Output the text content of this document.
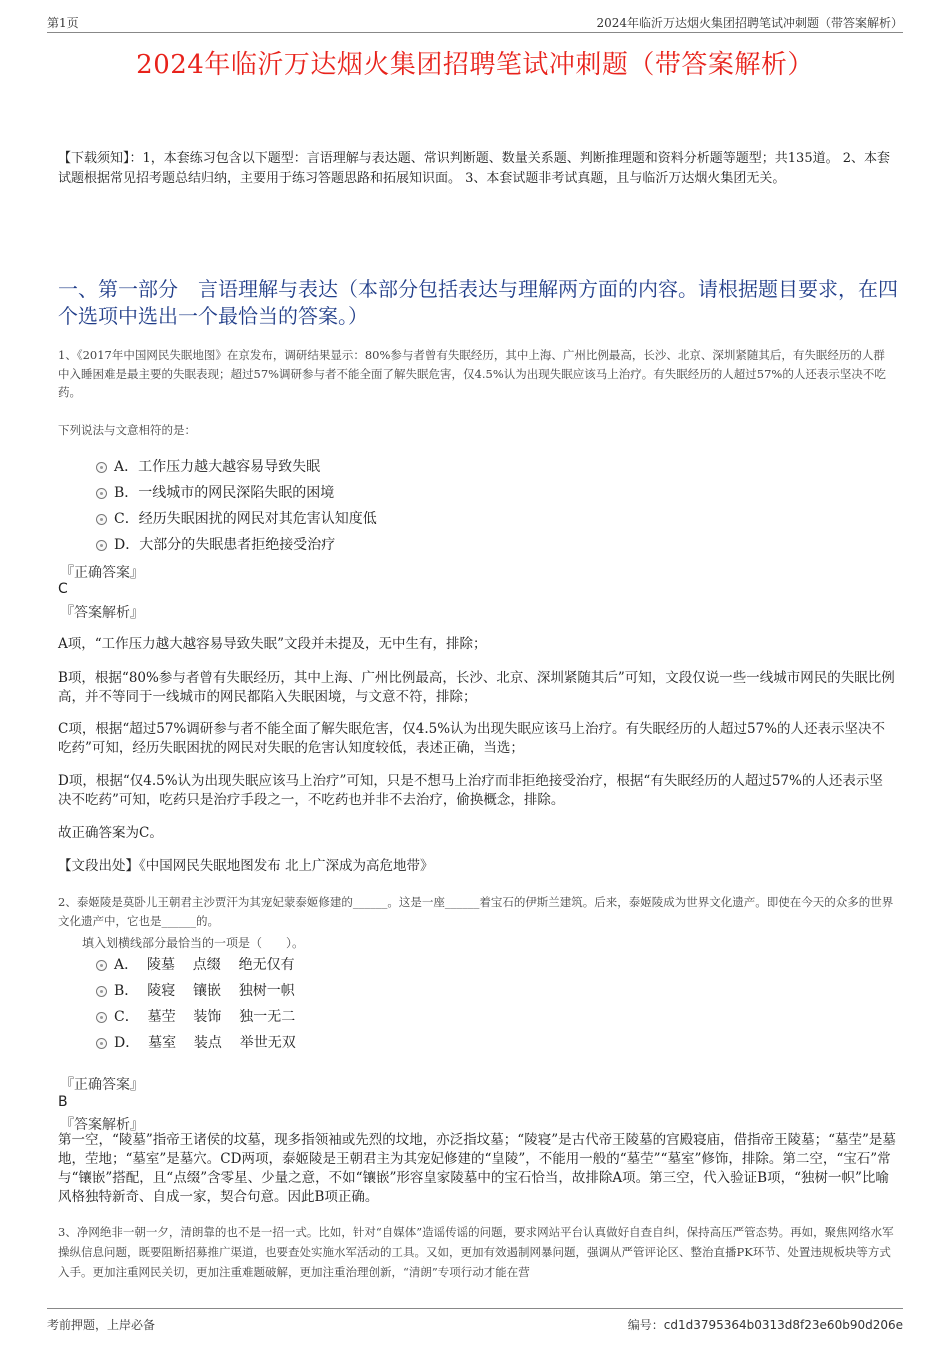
第1页	2024年临沂万达烟火集团招聘笔试冲刺题（带答案解析）
2024年临沂万达烟火集团招聘笔试冲刺题（带答案解析）
【下载须知】：1，本套练习包含以下题型：言语理解与表达题、常识判断题、数量关系题、判断推理题和资料分析题等题型；共135道。 2、本套试题根据常见招考题总结归纳，主要用于练习答题思路和拓展知识面。 3、本套试题非考试真题，且与临沂万达烟火集团无关。
一、第一部分　言语理解与表达（本部分包括表达与理解两方面的内容。请根据题目要求，在四个选项中选出一个最恰当的答案。）
1、《2017年中国网民失眠地图》在京发布，调研结果显示：80%参与者曾有失眠经历，其中上海、广州比例最高，长沙、北京、深圳紧随其后，有失眠经历的人群中入睡困难是最主要的失眠表现；超过57%调研参与者不能全面了解失眠危害，仅4.5%认为出现失眠应该马上治疗。有失眠经历的人超过57%的人还表示坚决不吃药。
下列说法与文意相符的是：
A．工作压力越大越容易导致失眠
B．一线城市的网民深陷失眠的困境
C．经历失眠困扰的网民对其危害认知度低
D．大部分的失眠患者拒绝接受治疗
『正确答案』
C
『答案解析』
A项，“工作压力越大越容易导致失眠”文段并未提及，无中生有，排除；
B项，根据“80%参与者曾有失眠经历，其中上海、广州比例最高，长沙、北京、深圳紧随其后”可知，文段仅说一些一线城市网民的失眠比例高，并不等同于一线城市的网民都陷入失眠困境，与文意不符，排除；
C项，根据“超过57%调研参与者不能全面了解失眠危害，仅4.5%认为出现失眠应该马上治疗。有失眠经历的人超过57%的人还表示坚决不吃药”可知，经历失眠困扰的网民对失眠的危害认知度较低，表述正确，当选；
D项，根据“仅4.5%认为出现失眠应该马上治疗”可知，只是不想马上治疗而非拒绝接受治疗，根据“有失眠经历的人超过57%的人还表示坚决不吃药”可知，吃药只是治疗手段之一，不吃药也并非不去治疗，偷换概念，排除。
故正确答案为C。
【文段出处】《中国网民失眠地图发布 北上广深成为高危地带》
2、泰姬陵是莫卧儿王朝君主沙贾汗为其宠妃蒙泰姬修建的______。这是一座______着宝石的伊斯兰建筑。后来，泰姬陵成为世界文化遗产。即使在今天的众多的世界文化遗产中，它也是______的。
填入划横线部分最恰当的一项是（　　）。
A．  陵墓    点缀    绝无仅有
B．  陵寝    镶嵌    独树一帜
C．  墓茔    装饰    独一无二
D．  墓室    装点    举世无双
『正确答案』
B
『答案解析』
第一空，“陵墓”指帝王诸侯的坟墓，现多指领袖或先烈的坟地，亦泛指坟墓；“陵寝”是古代帝王陵墓的宫殿寝庙，借指帝王陵墓；“墓茔”是墓地，茔地；“墓室”是墓穴。CD两项，泰姬陵是王朝君主为其宠妃修建的“皇陵”，不能用一般的“墓茔”“墓室”修饰，排除。第二空，“宝石”常与“镶嵌”搭配，且“点缀”含零星、少量之意，不如“镶嵌”形容皇家陵墓中的宝石恰当，故排除A项。第三空，代入验证B项，“独树一帜”比喻风格独特新奇、自成一家，契合句意。因此B项正确。
3、净网绝非一朝一夕，清朗靠的也不是一招一式。比如，针对“自媒体”造谣传谣的问题，要求网站平台认真做好自查自纠，保持高压严管态势。再如，聚焦网络水军操纵信息问题，既要阻断招募推广渠道，也要查处实施水军活动的工具。又如，更加有效遏制网暴问题，强调从严管评论区、整治直播PK环节、处置违规板块等方式入手。更加注重网民关切，更加注重难题破解，更加注重治理创新，“清朗”专项行动才能在营
考前押题，上岸必备	编号：cd1d3795364b0313d8f23e60b90d206e
